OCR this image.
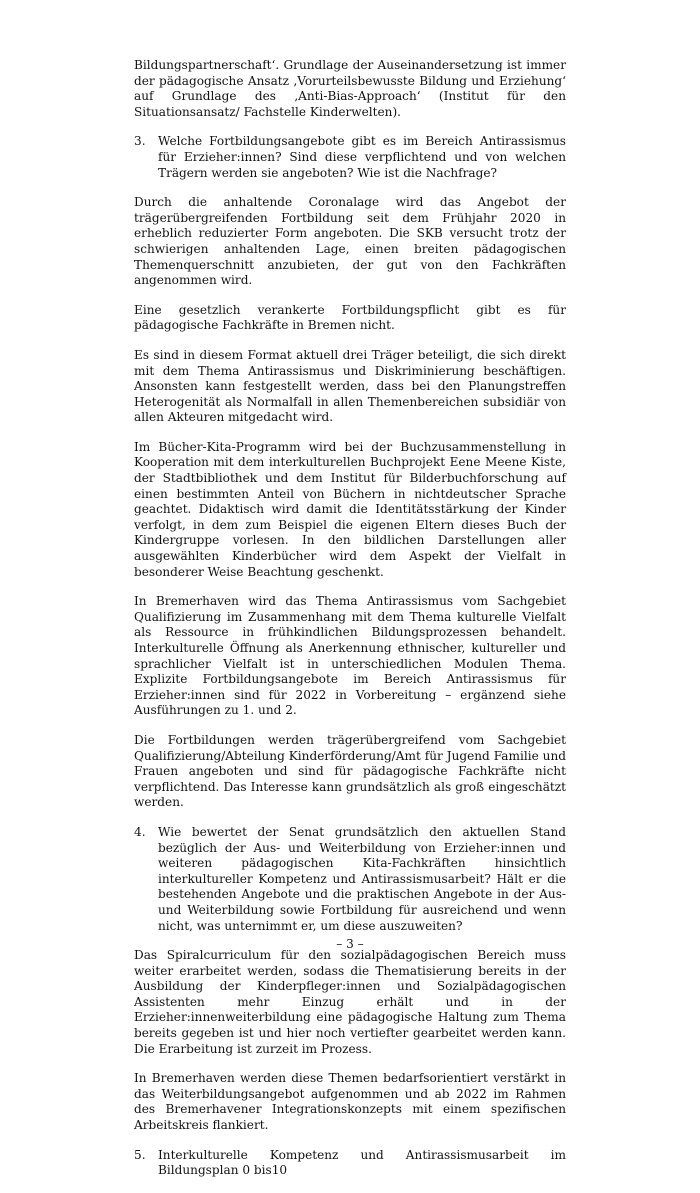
Bildungspartnerschaft‘. Grundlage der Auseinandersetzung ist immer der pädagogische Ansatz ‚Vorurteilsbewusste Bildung und Erziehung‘ auf Grundlage des ‚Anti-Bias-Approach‘ (Institut für den Situationsansatz/ Fachstelle Kinderwelten).

3.	Welche Fortbildungsangebote gibt es im Bereich Antirassismus für Erzieher:innen? Sind diese verpflichtend und von welchen Trägern werden sie angeboten? Wie ist die Nachfrage?

Durch die anhaltende Coronalage wird das Angebot der trägerübergreifenden Fortbildung seit dem Frühjahr 2020 in erheblich reduzierter Form angeboten. Die SKB versucht trotz der schwierigen anhaltenden Lage, einen breiten pädagogischen Themenquerschnitt anzubieten, der gut von den Fachkräften angenommen wird.

Eine gesetzlich verankerte Fortbildungspflicht gibt es für pädagogische Fachkräfte in Bremen nicht.

Es sind in diesem Format aktuell drei Träger beteiligt, die sich direkt mit dem Thema Antirassismus und Diskriminierung beschäftigen. Ansonsten kann festgestellt werden, dass bei den Planungstreffen Heterogenität als Normalfall in allen Themenbereichen subsidiär von allen Akteuren mitgedacht wird.

Im Bücher-Kita-Programm wird bei der Buchzusammenstellung in Kooperation mit dem interkulturellen Buchprojekt Eene Meene Kiste, der Stadtbibliothek und dem Institut für Bilderbuchforschung auf einen bestimmten Anteil von Büchern in nichtdeutscher Sprache geachtet. Didaktisch wird damit die Identitätsstärkung der Kinder verfolgt, in dem zum Beispiel die eigenen Eltern dieses Buch der Kindergruppe vorlesen. In den bildlichen Darstellungen aller ausgewählten Kinderbücher wird dem Aspekt der Vielfalt in besonderer Weise Beachtung geschenkt.

In Bremerhaven wird das Thema Antirassismus vom Sachgebiet Qualifizierung im Zusammenhang mit dem Thema kulturelle Vielfalt als Ressource in frühkindlichen Bildungsprozessen behandelt. Interkulturelle Öffnung als Anerkennung ethnischer, kultureller und sprachlicher Vielfalt ist in unterschiedlichen Modulen Thema. Explizite Fortbildungsangebote im Bereich Antirassismus für Erzieher:innen sind für 2022 in Vorbereitung – ergänzend siehe Ausführungen zu 1. und 2.

Die Fortbildungen werden trägerübergreifend vom Sachgebiet Qualifizierung/Abteilung Kinderförderung/Amt für Jugend Familie und Frauen angeboten und sind für pädagogische Fachkräfte nicht verpflichtend. Das Interesse kann grundsätzlich als groß eingeschätzt werden.

4.	Wie bewertet der Senat grundsätzlich den aktuellen Stand bezüglich der Aus- und Weiterbildung von Erzieher:innen und weiteren pädagogischen Kita-Fachkräften hinsichtlich interkultureller Kompetenz und Antirassismusarbeit? Hält er die bestehenden Angebote und die praktischen Angebote in der Aus- und Weiterbildung sowie Fortbildung für ausreichend und wenn nicht, was unternimmt er, um diese auszuweiten?

Das Spiralcurriculum für den sozialpädagogischen Bereich muss weiter erarbeitet werden, sodass die Thematisierung bereits in der Ausbildung der Kinderpfleger:innen und Sozialpädagogischen Assistenten mehr Einzug erhält und in der Erzieher:innenweiterbildung eine pädagogische Haltung zum Thema bereits gegeben ist und hier noch vertiefter gearbeitet werden kann. Die Erarbeitung ist zurzeit im Prozess.

In Bremerhaven werden diese Themen bedarfsorientiert verstärkt in das Weiterbildungsangebot aufgenommen und ab 2022 im Rahmen des Bremerhavener Integrationskonzepts mit einem spezifischen Arbeitskreis flankiert.

5.	Interkulturelle Kompetenz und Antirassismusarbeit im Bildungsplan 0 bis10
– 3 –
